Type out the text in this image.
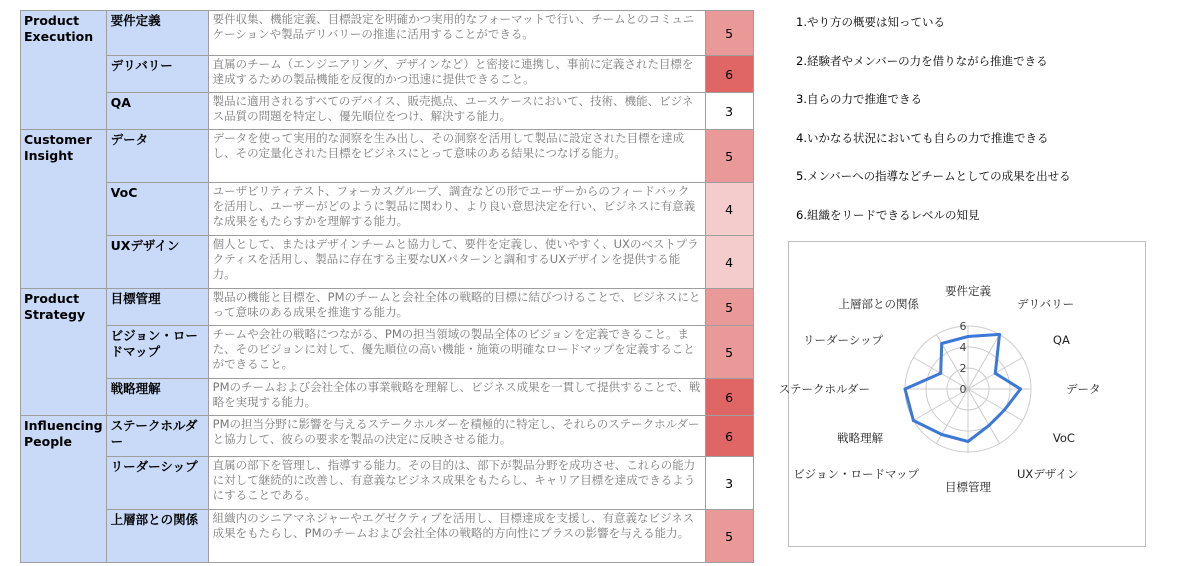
Product Execution	要件定義	要件収集、機能定義、目標設定を明確かつ実用的なフォーマットで行い、チームとのコミュニケーションや製品デリバリーの推進に活用することができる。	5
	デリバリー	直属のチーム（エンジニアリング、デザインなど）と密接に連携し、事前に定義された目標を達成するための製品機能を反復的かつ迅速に提供できること。	6
	QA	製品に適用されるすべてのデバイス、販売拠点、ユースケースにおいて、技術、機能、ビジネス品質の問題を特定し、優先順位をつけ、解決する能力。	3
Customer Insight	データ	データを使って実用的な洞察を生み出し、その洞察を活用して製品に設定された目標を達成し、その定量化された目標をビジネスにとって意味のある結果につなげる能力。	5
	VoC	ユーザビリティテスト、フォーカスグループ、調査などの形でユーザーからのフィードバックを活用し、ユーザーがどのように製品に関わり、より良い意思決定を行い、ビジネスに有意義な成果をもたらすかを理解する能力。	4
	UXデザイン	個人として、またはデザインチームと協力して、要件を定義し、使いやすく、UXのベストプラクティスを活用し、製品に存在する主要なUXパターンと調和するUXデザインを提供する能力。	4
Product Strategy	目標管理	製品の機能と目標を、PMのチームと会社全体の戦略的目標に結びつけることで、ビジネスにとって意味のある成果を推進する能力。	5
	ビジョン・ロードマップ	チームや会社の戦略につながる、PMの担当領域の製品全体のビジョンを定義できること。また、そのビジョンに対して、優先順位の高い機能・施策の明確なロードマップを定義することができること。	5
	戦略理解	PMのチームおよび会社全体の事業戦略を理解し、ビジネス成果を一貫して提供することで、戦略を実現する能力。	6
Influencing People	ステークホルダー	PMの担当分野に影響を与えるステークホルダーを積極的に特定し、それらのステークホルダーと協力して、彼らの要求を製品の決定に反映させる能力。	6
	リーダーシップ	直属の部下を管理し、指導する能力。その目的は、部下が製品分野を成功させ、これらの能力に対して継続的に改善し、有意義なビジネス成果をもたらし、キャリア目標を達成できるようにすることである。	3
	上層部との関係	組織内のシニアマネジャーやエグゼクティブを活用し、目標達成を支援し、有意義なビジネス成果をもたらし、PMのチームおよび会社全体の戦略的方向性にプラスの影響を与える能力。	5
1.やり方の概要は知っている
2.経験者やメンバーの力を借りながら推進できる
3.自らの力で推進できる
4.いかなる状況においても自らの力で推進できる
5.メンバーへの指導などチームとしての成果を出せる
6.組織をリードできるレベルの知見
0
2
4
6
要件定義
デリバリー
QA
データ
VoC
UXデザイン
目標管理
ビジョン・ロードマップ
戦略理解
ステークホルダー
リーダーシップ
上層部との関係
